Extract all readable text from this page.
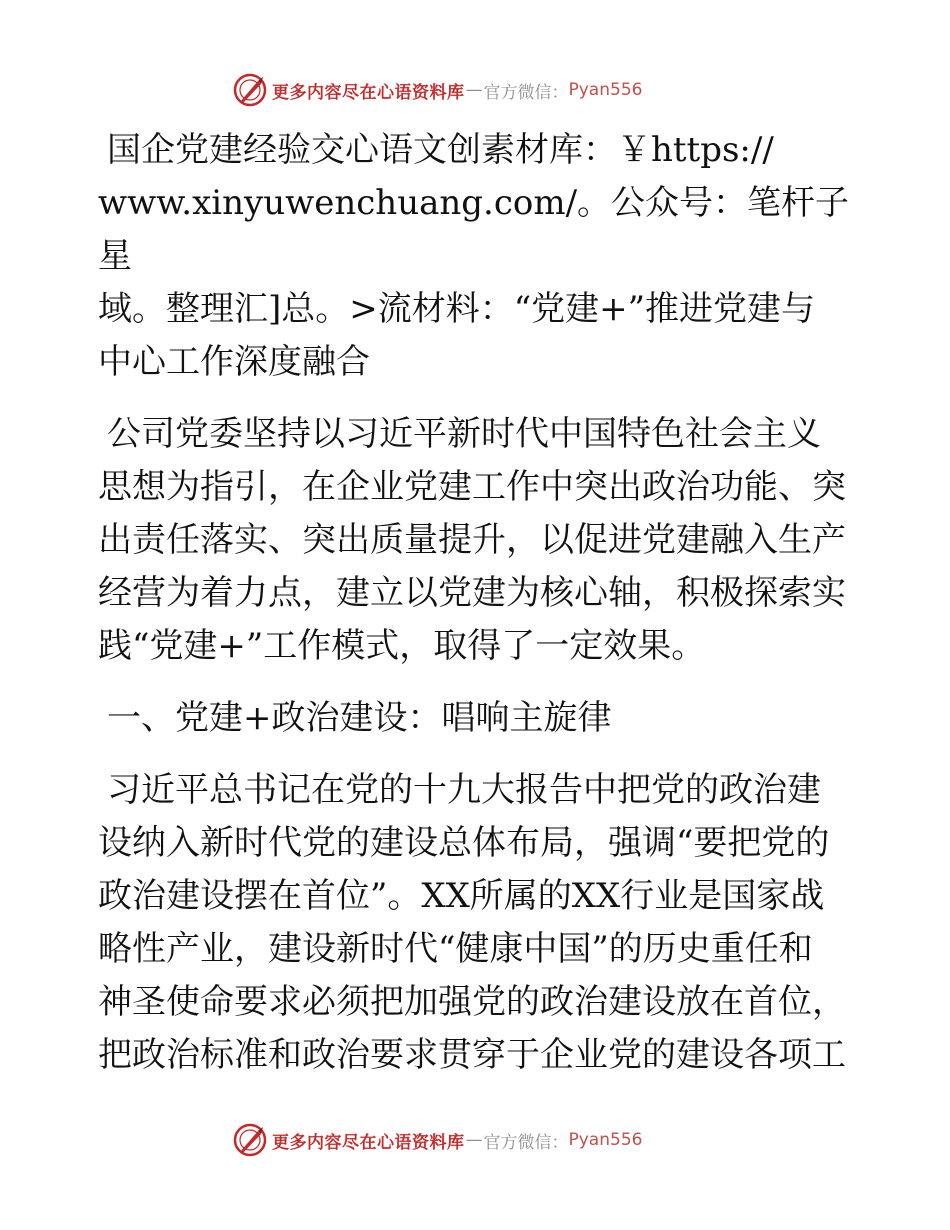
更多内容尽在心语资料库 — 官方微信： Pyan556

国企党建经验交心语文创素材库：￥https://
www.xinyuwenchuang.com/。公众号：笔杆子星
域。整理汇]总。>流材料：“党建+”推进党建与
中心工作深度融合

公司党委坚持以习近平新时代中国特色社会主义
思想为指引，在企业党建工作中突出政治功能、突
出责任落实、突出质量提升，以促进党建融入生产
经营为着力点，建立以党建为核心轴，积极探索实
践“党建+”工作模式，取得了一定效果。

一、党建+政治建设：唱响主旋律

习近平总书记在党的十九大报告中把党的政治建
设纳入新时代党的建设总体布局，强调“要把党的
政治建设摆在首位”。XX所属的XX行业是国家战
略性产业，建设新时代“健康中国”的历史重任和
神圣使命要求必须把加强党的政治建设放在首位，
把政治标准和政治要求贯穿于企业党的建设各项工

更多内容尽在心语资料库 — 官方微信： Pyan556
